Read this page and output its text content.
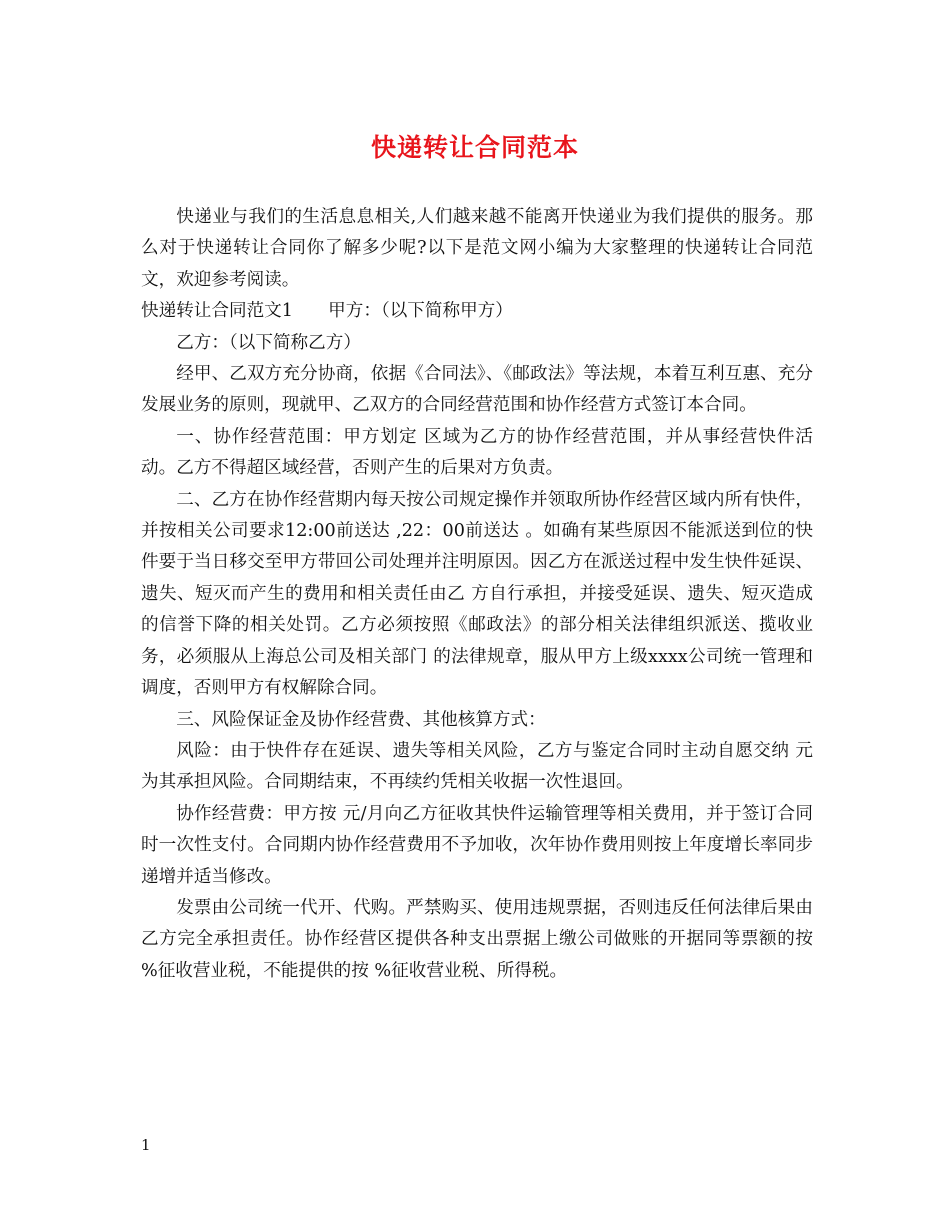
快递转让合同范本

快递业与我们的生活息息相关,人们越来越不能离开快递业为我们提供的服务。那么对于快递转让合同你了解多少呢?以下是范文网小编为大家整理的快递转让合同范文，欢迎参考阅读。

快递转让合同范文1　　甲方：（以下简称甲方）

乙方：（以下简称乙方）

经甲、乙双方充分协商，依据《合同法》、《邮政法》等法规，本着互利互惠、充分发展业务的原则，现就甲、乙双方的合同经营范围和协作经营方式签订本合同。

一、协作经营范围：甲方划定 区域为乙方的协作经营范围，并从事经营快件活动。乙方不得超区域经营，否则产生的后果对方负责。

二、乙方在协作经营期内每天按公司规定操作并领取所协作经营区域内所有快件，并按相关公司要求12:00前送达 ,22：00前送达 。如确有某些原因不能派送到位的快件要于当日移交至甲方带回公司处理并注明原因。因乙方在派送过程中发生快件延误、遗失、短灭而产生的费用和相关责任由乙 方自行承担，并接受延误、遗失、短灭造成的信誉下降的相关处罚。乙方必须按照《邮政法》的部分相关法律组织派送、揽收业务，必须服从上海总公司及相关部门 的法律规章，服从甲方上级xxxx公司统一管理和调度，否则甲方有权解除合同。

三、风险保证金及协作经营费、其他核算方式：

风险：由于快件存在延误、遗失等相关风险，乙方与鉴定合同时主动自愿交纳 元为其承担风险。合同期结束，不再续约凭相关收据一次性退回。

协作经营费：甲方按 元/月向乙方征收其快件运输管理等相关费用，并于签订合同时一次性支付。合同期内协作经营费用不予加收，次年协作费用则按上年度增长率同步递增并适当修改。

发票由公司统一代开、代购。严禁购买、使用违规票据，否则违反任何法律后果由乙方完全承担责任。协作经营区提供各种支出票据上缴公司做账的开据同等票额的按 %征收营业税，不能提供的按 %征收营业税、所得税。

1
